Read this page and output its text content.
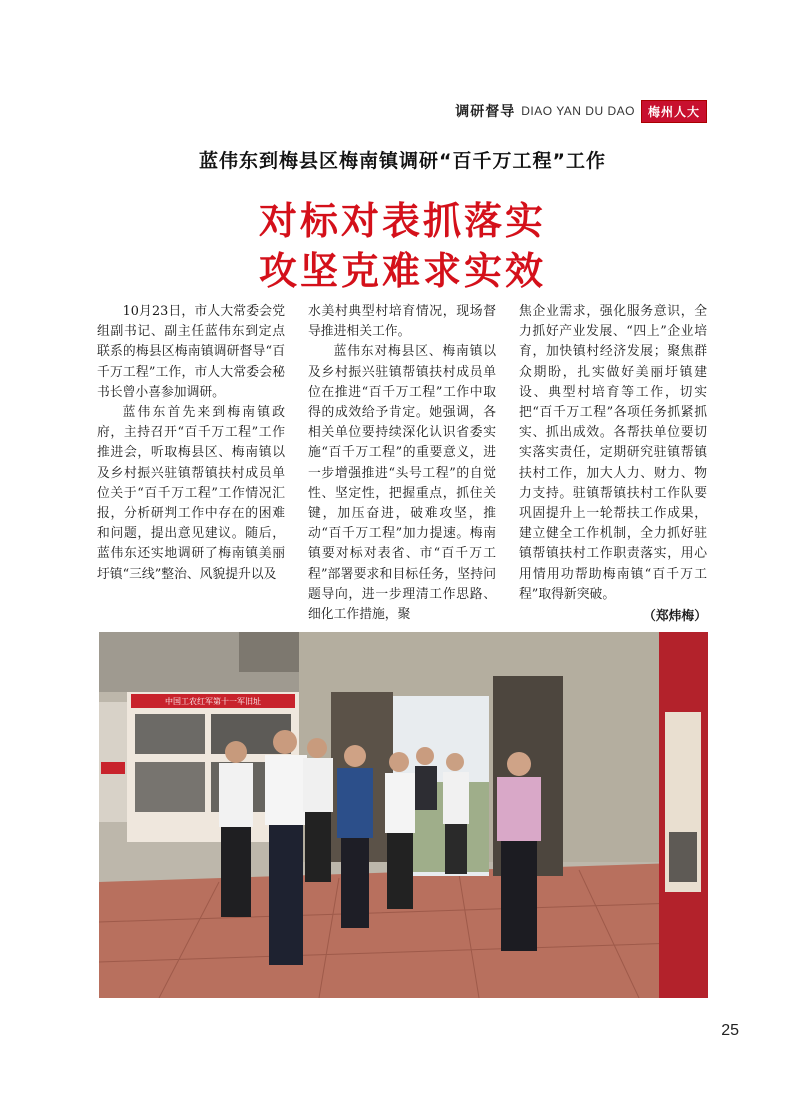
调研督导 DIAO YAN DU DAO	梅州人大
蓝伟东到梅县区梅南镇调研“百千万工程”工作
对标对表抓落实
攻坚克难求实效

10月23日，市人大常委会党组副书记、副主任蓝伟东到定点联系的梅县区梅南镇调研督导“百千万工程”工作，市人大常委会秘书长曾小喜参加调研。

蓝伟东首先来到梅南镇政府，主持召开“百千万工程”工作推进会，听取梅县区、梅南镇以及乡村振兴驻镇帮镇扶村成员单位关于“百千万工程”工作情况汇报，分析研判工作中存在的困难和问题，提出意见建议。随后，蓝伟东还实地调研了梅南镇美丽圩镇“三线”整治、风貌提升以及

水美村典型村培育情况，现场督导推进相关工作。

蓝伟东对梅县区、梅南镇以及乡村振兴驻镇帮镇扶村成员单位在推进“百千万工程”工作中取得的成效给予肯定。她强调，各相关单位要持续深化认识省委实施“百千万工程”的重要意义，进一步增强推进“头号工程”的自觉性、坚定性，把握重点，抓住关键，加压奋进，破难攻坚，推动“百千万工程”加力提速。梅南镇要对标对表省、市“百千万工程”部署要求和目标任务，坚持问题导向，进一步理清工作思路、细化工作措施，聚

焦企业需求，强化服务意识，全力抓好产业发展、“四上”企业培育，加快镇村经济发展；聚焦群众期盼，扎实做好美丽圩镇建设、典型村培育等工作，切实把“百千万工程”各项任务抓紧抓实、抓出成效。各帮扶单位要切实落实责任，定期研究驻镇帮镇扶村工作，加大人力、财力、物力支持。驻镇帮镇扶村工作队要巩固提升上一轮帮扶工作成果，建立健全工作机制，全力抓好驻镇帮镇扶村工作职责落实，用心用情用功帮助梅南镇“百千万工程”取得新突破。

（郑炜梅）

中国工农红军第十一军旧址
25
